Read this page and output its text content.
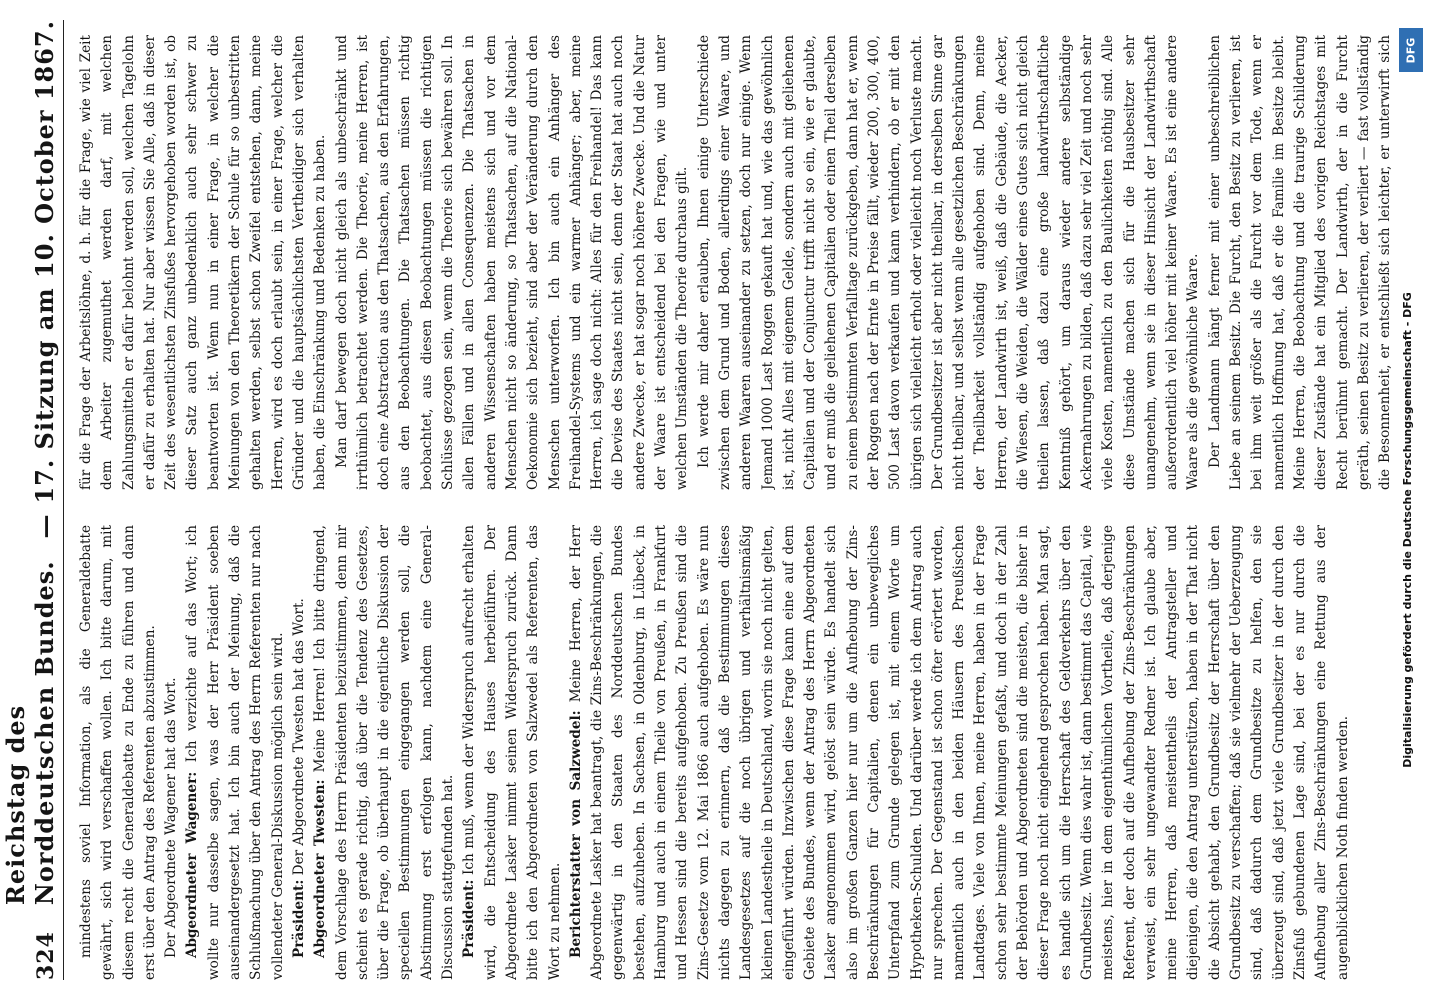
324
Reichstag des Norddeutschen Bundes.
—
17. Sitzung am 10. October 1867.

mindestens soviel Information, als die Generaldebatte gewährt, sich wird verschaffen wollen. Ich bitte darum, mit diesem recht die Generaldebatte zu Ende zu führen und dann erst über den Antrag des Referenten abzustimmen. Der Abgeordnete Wagener hat das Wort. Abgeordneter Wagener: Ich verzichte auf das Wort; ich wollte nur dasselbe sagen, was der Herr Präsident soeben auseinandergesetzt hat. Ich bin auch der Meinung, daß die Schlußmachung über den Antrag des Herrn Referenten nur nach vollendeter General-Diskussion möglich sein wird. Präsident: Der Abgeordnete Twesten hat das Wort. Abgeordneter Twesten: Meine Herren! Ich bitte dringend, dem Vorschlage des Herrn Präsidenten beizustimmen, denn mir scheint es gerade richtig, daß über die Tendenz des Gesetzes, über die Frage, ob überhaupt in die eigentliche Diskussion der speciellen Bestimmungen eingegangen werden soll, die Abstimmung erst erfolgen kann, nachdem eine General-Discussion stattgefunden hat. Präsident: Ich muß, wenn der Widerspruch aufrecht erhalten wird, die Entscheidung des Hauses herbeiführen. Der Abgeordnete Lasker nimmt seinen Widerspruch zurück. Dann bitte ich den Abgeordneten von Salzwedel als Referenten, das Wort zu nehmen. Berichterstatter von Salzwedel: Meine Herren, der Herr Abgeordnete Lasker hat beantragt, die Zins-Beschränkungen, die gegenwärtig in den Staaten des Norddeutschen Bundes bestehen, aufzuheben. In Sachsen, in Oldenburg, in Lübeck, in Hamburg und auch in einem Theile von Preußen, in Frankfurt und Hessen sind die bereits aufgehoben. Zu Preußen sind die Zins-Gesetze vom 12. Mai 1866 auch aufgehoben. Es wäre nun nichts dagegen zu erinnern, daß die Bestimmungen dieses Landesgesetzes auf die noch übrigen und verhältnismäßig kleinen Landestheile in Deutschland, worin sie noch nicht gelten, eingeführt würden. Inzwischen diese Frage kann eine auf dem Gebiete des Bundes, wenn der Antrag des Herrn Abgeordneten Lasker angenommen wird, gelöst sein würde. Es handelt sich also im großen Ganzen hier nur um die Aufhebung der Zins-Beschränkungen für Capitalien, denen ein unbewegliches Unterpfand zum Grunde gelegen ist, mit einem Worte um Hypotheken-Schulden. Und darüber werde ich dem Antrag auch nur sprechen. Der Gegenstand ist schon öfter erörtert worden, namentlich auch in den beiden Häusern des Preußischen Landtages. Viele von Ihnen, meine Herren, haben in der Frage schon sehr bestimmte Meinungen gefaßt, und doch in der Zahl der Behörden und Abgeordneten sind die meisten, die bisher in dieser Frage noch nicht eingehend gesprochen haben. Man sagt, es handle sich um die Herrschaft des Geldverkehrs über den Grundbesitz. Wenn dies wahr ist, dann bestimmt das Capital, wie meistens, hier in dem eigenthümlichen Vortheile, daß derjenige Referent, der doch auf die Aufhebung der Zins-Beschränkungen verweist, ein sehr ungewandter Redner ist. Ich glaube aber, meine Herren, daß meistentheils der Antragsteller und diejenigen, die den Antrag unterstützen, haben in der That nicht die Absicht gehabt, den Grundbesitz der Herrschaft über den Grundbesitz zu verschaffen; daß sie vielmehr der Ueberzeugung sind, daß dadurch dem Grundbesitze zu helfen, den sie überzeugt sind, daß jetzt viele Grundbesitzer in der durch den Zinsfuß gebundenen Lage sind, bei der es nur durch die Aufhebung aller Zins-Beschränkungen eine Rettung aus der augenblicklichen Noth finden werden.

für die Frage der Arbeitslöhne, d. h. für die Frage, wie viel Zeit dem Arbeiter zugemuthet werden darf, mit welchen Zahlungsmitteln er dafür belohnt werden soll, welchen Tagelohn er dafür zu erhalten hat. Nur aber wissen Sie Alle, daß in dieser Zeit des wesentlichsten Zinsfußes hervorgehoben worden ist, ob dieser Satz auch ganz unbedenklich auch sehr schwer zu beantworten ist. Wenn nun in einer Frage, in welcher die Meinungen von den Theoretikern der Schule für so unbestritten gehalten werden, selbst schon Zweifel entstehen, dann, meine Herren, wird es doch erlaubt sein, in einer Frage, welcher die Gründer und die hauptsächlichsten Vertheidiger sich verhalten haben, die Einschränkung und Bedenken zu haben. Man darf bewegen doch nicht gleich als unbeschränkt und irrthümlich betrachtet werden. Die Theorie, meine Herren, ist doch eine Abstraction aus den Thatsachen, aus den Erfahrungen, aus den Beobachtungen. Die Thatsachen müssen richtig beobachtet, aus diesen Beobachtungen müssen die richtigen Schlüsse gezogen sein, wenn die Theorie sich bewähren soll. In allen Fällen und in allen Consequenzen. Die Thatsachen in anderen Wissenschaften haben meistens sich und vor dem Menschen nicht so änderung, so Thatsachen, auf die National-Oekonomie sich bezieht, sind aber der Veränderung durch den Menschen unterworfen. Ich bin auch ein Anhänger des Freihandel-Systems und ein warmer Anhänger; aber, meine Herren, ich sage doch nicht: Alles für den Freihandel! Das kann die Devise des Staates nicht sein, denn der Staat hat auch noch andere Zwecke, er hat sogar noch höhere Zwecke. Und die Natur der Waare ist entscheidend bei den Fragen, wie und unter welchen Umständen die Theorie durchaus gilt. Ich werde mir daher erlauben, Ihnen einige Unterschiede zwischen dem Grund und Boden, allerdings einer Waare, und anderen Waaren auseinander zu setzen, doch nur einige. Wenn Jemand 1000 Last Roggen gekauft hat und, wie das gewöhnlich ist, nicht Alles mit eigenem Gelde, sondern auch mit geliehenen Capitalien und der Conjunctur trifft nicht so ein, wie er glaubte, und er muß die geliehenen Capitalien oder einen Theil derselben zu einem bestimmten Verfalltage zurückgeben, dann hat er, wenn der Roggen nach der Ernte in Preise fällt, wieder 200, 300, 400, 500 Last davon verkaufen und kann verhindern, ob er mit den übrigen sich vielleicht erholt oder vielleicht noch Verluste macht. Der Grundbesitzer ist aber nicht theilbar, in derselben Sinne gar nicht theilbar, und selbst wenn alle gesetzlichen Beschränkungen der Theilbarkeit vollständig aufgehoben sind. Denn, meine Herren, der Landwirth ist, weiß, daß die Gebäude, die Aecker, die Wiesen, die Weiden, die Wälder eines Gutes sich nicht gleich theilen lassen, daß dazu eine große landwirthschaftliche Kenntniß gehört, um daraus wieder andere selbständige Ackernahrungen zu bilden, daß dazu sehr viel Zeit und noch sehr viele Kosten, namentlich zu den Baulichkeiten nöthig sind. Alle diese Umstände machen sich für die Hausbesitzer sehr unangenehm, wenn sie in dieser Hinsicht der Landwirthschaft außerordentlich viel höher mit keiner Waare. Es ist eine andere Waare als die gewöhnliche Waare. Der Landmann hängt ferner mit einer unbeschreiblichen Liebe an seinem Besitz. Die Furcht, den Besitz zu verlieren, ist bei ihm weit größer als die Furcht vor dem Tode, wenn er namentlich Hoffnung hat, daß er die Familie im Besitze bleibt. Meine Herren, die Beobachtung und die traurige Schilderung dieser Zustände hat ein Mitglied des vorigen Reichstages mit Recht berühmt gemacht. Der Landwirth, der in die Furcht geräth, seinen Besitz zu verlieren, der verliert — fast vollständig die Besonnenheit, er entschließt sich leichter, er unterwirft sich	DFG
Digitalisierung gefördert durch die Deutsche Forschungsgemeinschaft - DFG
